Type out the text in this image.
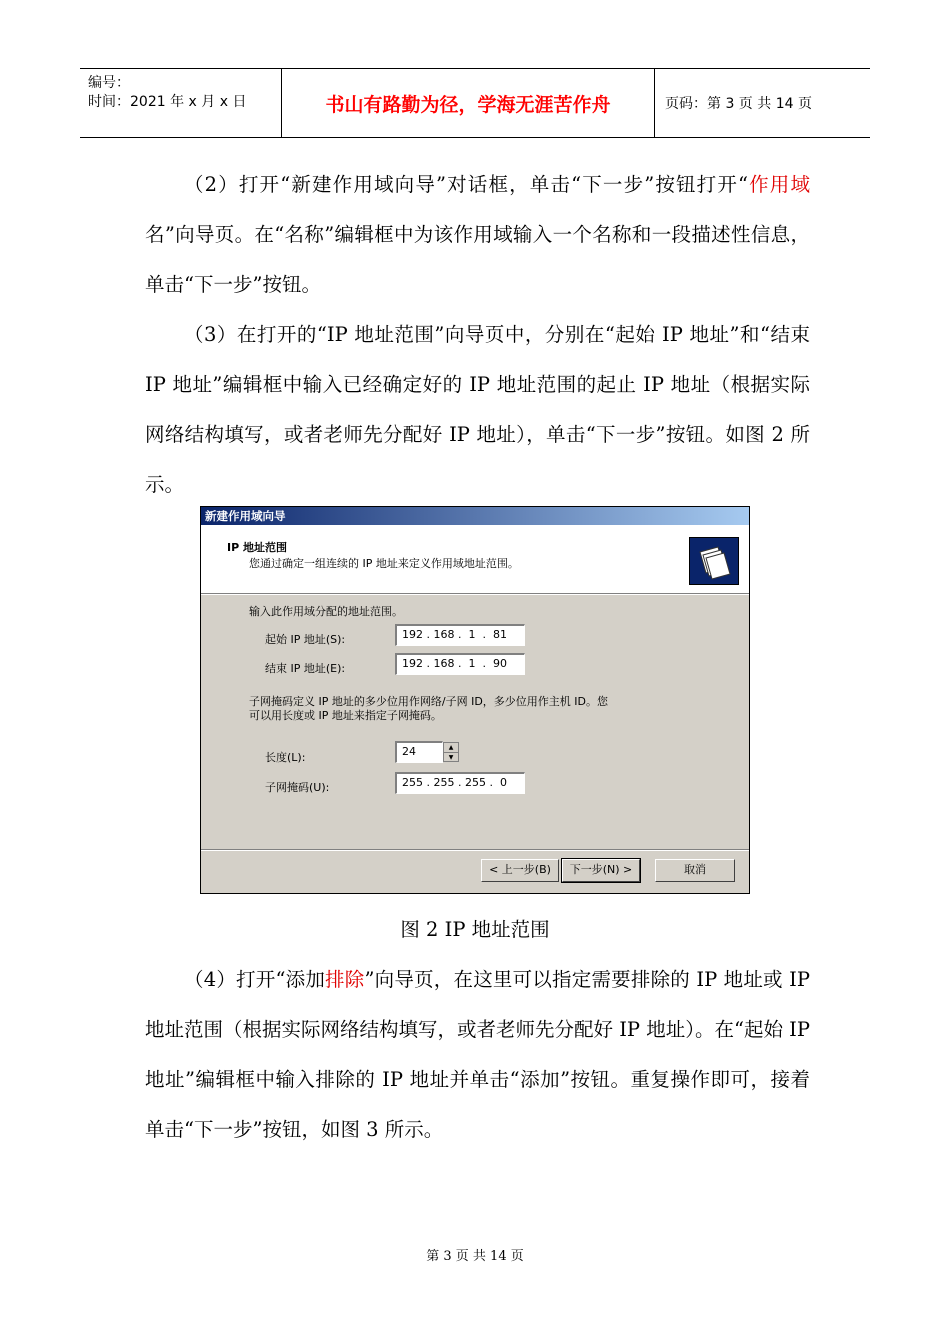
编号：
时间：2021 年 x 月 x 日	书山有路勤为径，学海无涯苦作舟	页码：第 3 页 共 14 页

（2）打开“新建作用域向导”对话框，单击“下一步”按钮打开“作用域名”向导页。在“名称”编辑框中为该作用域输入一个名称和一段描述性信息，单击“下一步”按钮。

（3）在打开的“IP 地址范围”向导页中，分别在“起始 IP 地址”和“结束 IP 地址”编辑框中输入已经确定好的 IP 地址范围的起止 IP 地址（根据实际网络结构填写，或者老师先分配好 IP 地址），单击“下一步”按钮。如图 2 所示。

新建作用域向导
IP 地址范围
您通过确定一组连续的 IP 地址来定义作用域地址范围。
输入此作用域分配的地址范围。
起始 IP 地址(S):	192 . 168 .  1  .  81
结束 IP 地址(E):	192 . 168 .  1  .  90
子网掩码定义 IP 地址的多少位用作网络/子网 ID，多少位用作主机 ID。您
可以用长度或 IP 地址来指定子网掩码。
长度(L):	24	▲
▼
子网掩码(U):	255 . 255 . 255 .  0
< 上一步(B)	下一步(N) >	取消
图 2 IP 地址范围

（4）打开“添加排除”向导页，在这里可以指定需要排除的 IP 地址或 IP 地址范围（根据实际网络结构填写，或者老师先分配好 IP 地址）。在“起始 IP 地址”编辑框中输入排除的 IP 地址并单击“添加”按钮。重复操作即可，接着单击“下一步”按钮，如图 3 所示。

第 3 页 共 14 页
